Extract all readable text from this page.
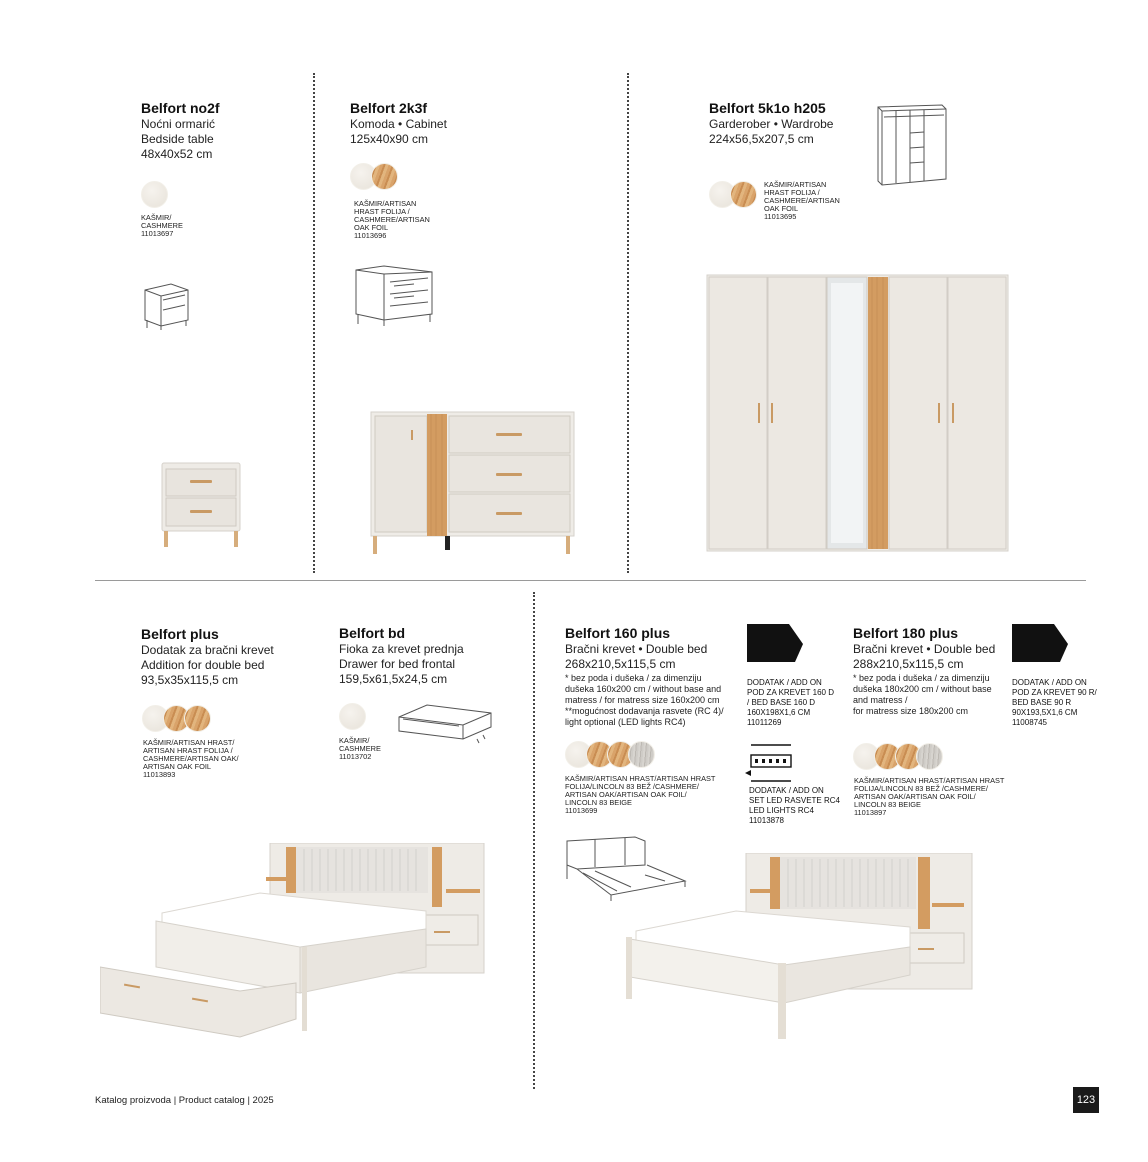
Belfort no2f
Noćni ormarić
Bedside table
48x40x52 cm
KAŠMIR/
CASHMERE
11013697
Belfort 2k3f
Komoda • Cabinet
125x40x90 cm
KAŠMIR/ARTISAN
HRAST FOLIJA /
CASHMERE/ARTISAN
OAK FOIL
11013696
Belfort 5k1o h205
Garderober • Wardrobe
224x56,5x207,5 cm
KAŠMIR/ARTISAN
HRAST FOLIJA /
CASHMERE/ARTISAN
OAK FOIL
11013695
Belfort plus
Dodatak za bračni krevet
Addition for double bed
93,5x35x115,5 cm
KAŠMIR/ARTISAN HRAST/
ARTISAN HRAST FOLIJA /
CASHMERE/ARTISAN OAK/
ARTISAN OAK FOIL
11013893
Belfort bd
Fioka za krevet prednja
Drawer for bed frontal
159,5x61,5x24,5 cm
KAŠMIR/
CASHMERE
11013702
Belfort 160 plus
Bračni krevet • Double bed
268x210,5x115,5 cm
* bez poda i dušeka / za dimenziju
dušeka 160x200 cm / without base and
matress / for matress size 160x200 cm
**mogućnost dodavanja rasvete (RC 4)/
light optional (LED lights RC4)
KAŠMIR/ARTISAN HRAST/ARTISAN HRAST
FOLIJA/LINCOLN 83 BEŽ /CASHMERE/
ARTISAN OAK/ARTISAN OAK FOIL/
LINCOLN 83 BEIGE
11013699
DODATAK / ADD ON
POD ZA KREVET 160 D
/ BED BASE 160 D
160X198X1,6 CM
11011269
DODATAK / ADD ON
SET LED RASVETE RC4
LED LIGHTS RC4
11013878
Belfort 180 plus
Bračni krevet • Double bed
288x210,5x115,5 cm
* bez poda i dušeka / za dimenziju
dušeka 180x200 cm / without base
and matress /
for matress size 180x200 cm
KAŠMIR/ARTISAN HRAST/ARTISAN HRAST
FOLIJA/LINCOLN 83 BEŽ /CASHMERE/
ARTISAN OAK/ARTISAN OAK FOIL/
LINCOLN 83 BEIGE
11013897
DODATAK / ADD ON
POD ZA KREVET 90 R/
BED BASE 90 R
90X193,5X1,6 CM
11008745
Katalog proizvoda | Product catalog | 2025	123
